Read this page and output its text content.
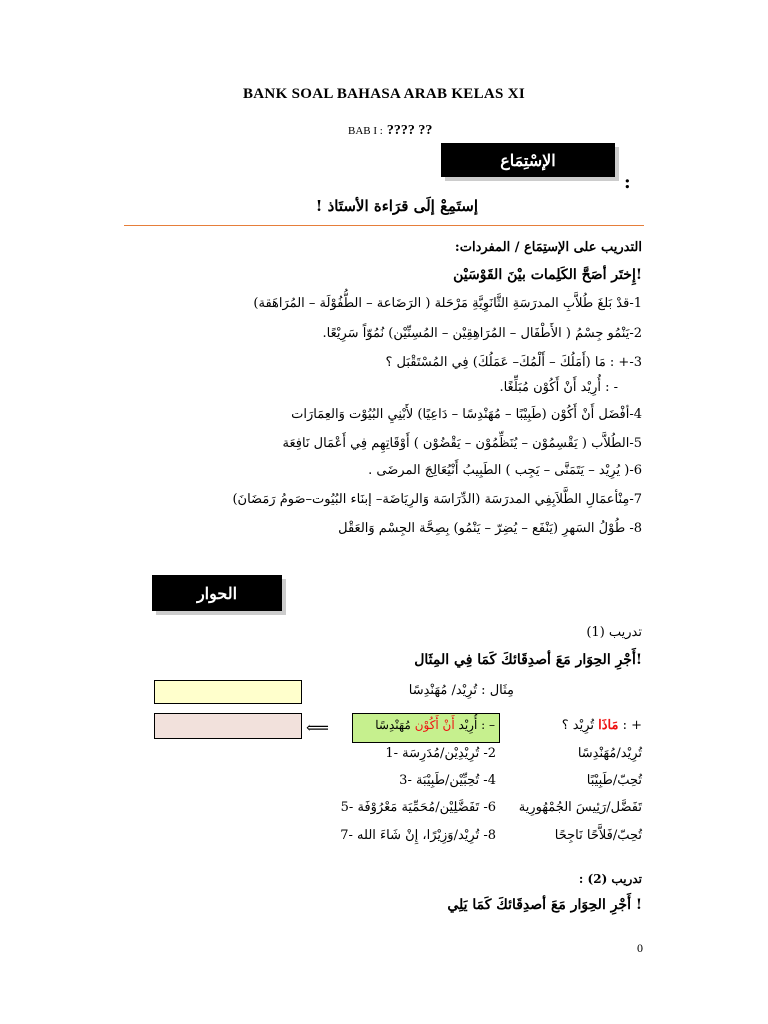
BANK SOAL BAHASA ARAB KELAS XI
BAB I : ???? ??
الإسْتِمَاع
:
إستَمِعْ إلَى قرَاءة الأستَاذ !
التدريب على الإستِمَاع / المفردات:
!إِختَر أصَحَّ الكَلِمات بيْنَ القَوْسَيْن
1-قدْ بَلغَ طُلاَّبِ المدرَسَةِ الثَّانَوِيَّةِ مَرْحَلة ( الرَضَاعة – الطُّفُوْلَة – المُرَاهَقة)
2-يَنْمُو جِسْمُ ( الأَطْفَال – المُرَاهِقِيْن – المُسِنِّيْن) نُمُوّاً سَرِيْعًا.
3-+ : مَا (أَمَلُكَ – أَلْمُكَ– عَمَلُكَ) فِي المُسْتَقْبَل ؟
- : أُرِيْد أَنْ أَكُوْن مُبَلِّغًا.
4-أفْضَل أَنْ أَكُوْن (طَبِيْبًا – مُهَنْدِسًا – دَاعِيًا) لأَبْنِيِ البُيُوْت وَالعِمَارَات
5-الطُلاَّب ( يَقْسِمُوْن – يُنَظِّمُوْن – يَقْضُوْن ) أَوْقَاتِهِم فِي أَعْمَال نَافِعَة
6-( يُرِيْد – يَتَمَنَّى – يَجِب ) الطَبِيبُ أَنْيُعَالِجَ المرضَى .
7-مِنْأعمَالِ الطَّلاَبِفِي المدرَسَة (الدِّرَاسَة وَالرِيَاضَة– إبنَاء البُيُوت–صَومُ رَمَضَانَ)
8- طُوْلُ السَهرِ (يَنْفَع – يُضِرّ – يَنْمُو) بِصِحَّة الجِسْم وَالعَقْل
الحوار
تدريب (1)
!أَجْرِ الحِوَار مَعَ أصدِقَائكَ كَمَا فِي المِثَال
مِثَال : تُرِيْد/ مُهَنْدِسًا
⟸	– : أُرِيْد أَنْ أَكُوْن مُهَنْدِسًا	+ : مَاذَا تُرِيْد ؟
تُرِيْد/مُهَنْدِسًا
2- تُرِيْدِيْن/مُدَرِسَة -1
تُحِبّ/طَبِيْبًا
4- تُحِبِّيْن/طَبِيْبَة -3
تَفَضَّل/رَئِيسَ الجُمْهُورِية
6- تَفَضَّلِيْن/مُحَمِّيَة مَعْرُوْفَة -5
تُحِبّ/فَلاَّحًا نَاجِحًا
8- تُرِيْد/وَزِيْرًا، إِنْ شَاءَ الله -7
تدريب (2) :
! أَجْرِ الحِوَار مَعَ أصدِقَائكَ كَمَا يَلِي
0
